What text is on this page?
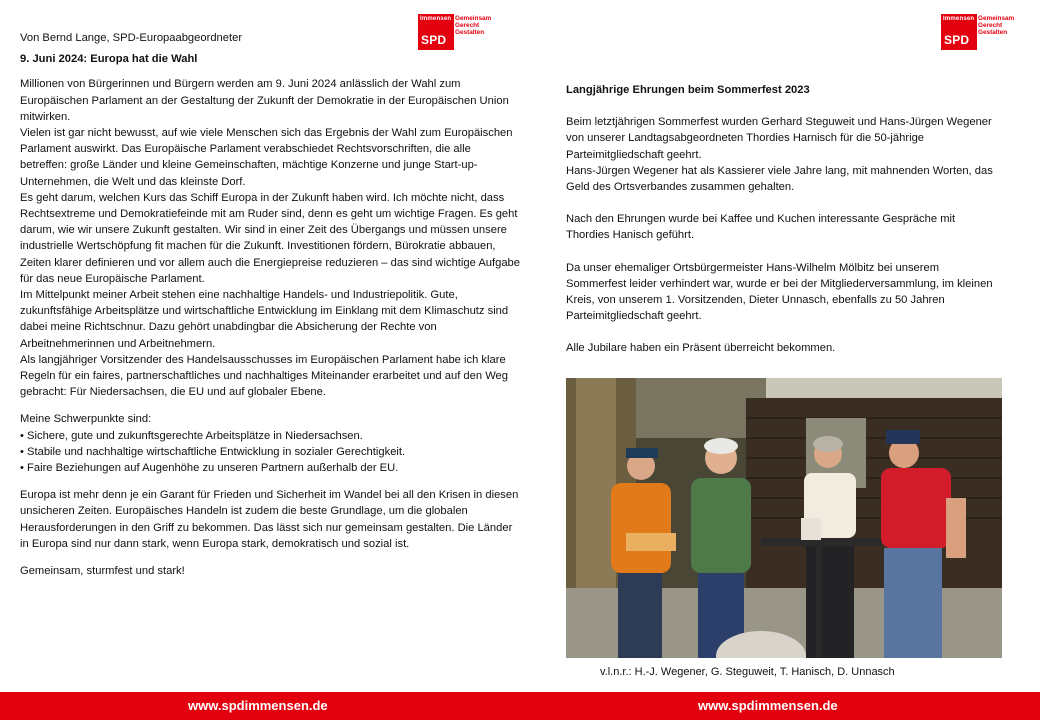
Immensen
SPD
Gemeinsam
Gerecht
Gestalten
Immensen
SPD
Gemeinsam
Gerecht
Gestalten

Von Bernd Lange, SPD-Europaabgeordneter

9. Juni 2024: Europa hat die Wahl

Millionen von Bürgerinnen und Bürgern werden am 9. Juni 2024 anlässlich der Wahl zum Europäischen Parlament an der Gestaltung der Zukunft der Demokratie in der Europäischen Union mitwirken.

Vielen ist gar nicht bewusst, auf wie viele Menschen sich das Ergebnis der Wahl zum Europäischen Parlament auswirkt. Das Europäische Parlament verabschiedet Rechtsvorschriften, die alle betreffen: große Länder und kleine Gemeinschaften, mächtige Konzerne und junge Start-up-Unternehmen, die Welt und das kleinste Dorf.

Es geht darum, welchen Kurs das Schiff Europa in der Zukunft haben wird. Ich möchte nicht, dass Rechtsextreme und Demokratiefeinde mit am Ruder sind, denn es geht um wichtige Fragen. Es geht darum, wie wir unsere Zukunft gestalten. Wir sind in einer Zeit des Übergangs und müssen unsere industrielle Wertschöpfung fit machen für die Zukunft. Investitionen fördern, Bürokratie abbauen, Zeiten klarer definieren und vor allem auch die Energiepreise reduzieren – das sind wichtige Aufgabe für das neue Europäische Parlament.

Im Mittelpunkt meiner Arbeit stehen eine nachhaltige Handels- und Industriepolitik. Gute, zukunftsfähige Arbeitsplätze und wirtschaftliche Entwicklung im Einklang mit dem Klimaschutz sind dabei meine Richtschnur. Dazu gehört unabdingbar die Absicherung der Rechte von Arbeitnehmerinnen und Arbeitnehmern.

Als langjähriger Vorsitzender des Handelsausschusses im Europäischen Parlament habe ich klare Regeln für ein faires, partnerschaftliches und nachhaltiges Miteinander erarbeitet und auf den Weg gebracht: Für Niedersachsen, die EU und auf globaler Ebene.

Meine Schwerpunkte sind:

• Sichere, gute und zukunftsgerechte Arbeitsplätze in Niedersachsen.
• Stabile und nachhaltige wirtschaftliche Entwicklung in sozialer Gerechtigkeit.
• Faire Beziehungen auf Augenhöhe zu unseren Partnern außerhalb der EU.

Europa ist mehr denn je ein Garant für Frieden und Sicherheit im Wandel bei all den Krisen in diesen unsicheren Zeiten. Europäisches Handeln ist zudem die beste Grundlage, um die globalen Herausforderungen in den Griff zu bekommen. Das lässt sich nur gemeinsam gestalten. Die Länder in Europa sind nur dann stark, wenn Europa stark, demokratisch und sozial ist.

Gemeinsam, sturmfest und stark!

Langjährige Ehrungen beim Sommerfest 2023

Beim letztjährigen Sommerfest wurden Gerhard Steguweit und Hans-Jürgen Wegener von unserer Landtagsabgeordneten Thordies Harnisch für die 50-jährige Parteimitgliedschaft geehrt.

Hans-Jürgen Wegener hat als Kassierer viele Jahre lang, mit mahnenden Worten, das Geld des Ortsverbandes zusammen gehalten.

Nach den Ehrungen wurde bei Kaffee und Kuchen interessante Gespräche mit Thordies Hanisch geführt.

Da unser ehemaliger Ortsbürgermeister Hans-Wilhelm Mölbitz bei unserem Sommerfest leider verhindert war, wurde er bei der Mitgliederversammlung, im kleinen Kreis, von unserem 1. Vorsitzenden, Dieter Unnasch, ebenfalls zu 50 Jahren Parteimitgliedschaft geehrt.

Alle Jubilare haben ein Präsent überreicht bekommen.

v.l.n.r.: H.-J. Wegener, G. Steguweit, T. Hanisch, D. Unnasch
www.spdimmensen.de	www.spdimmensen.de
